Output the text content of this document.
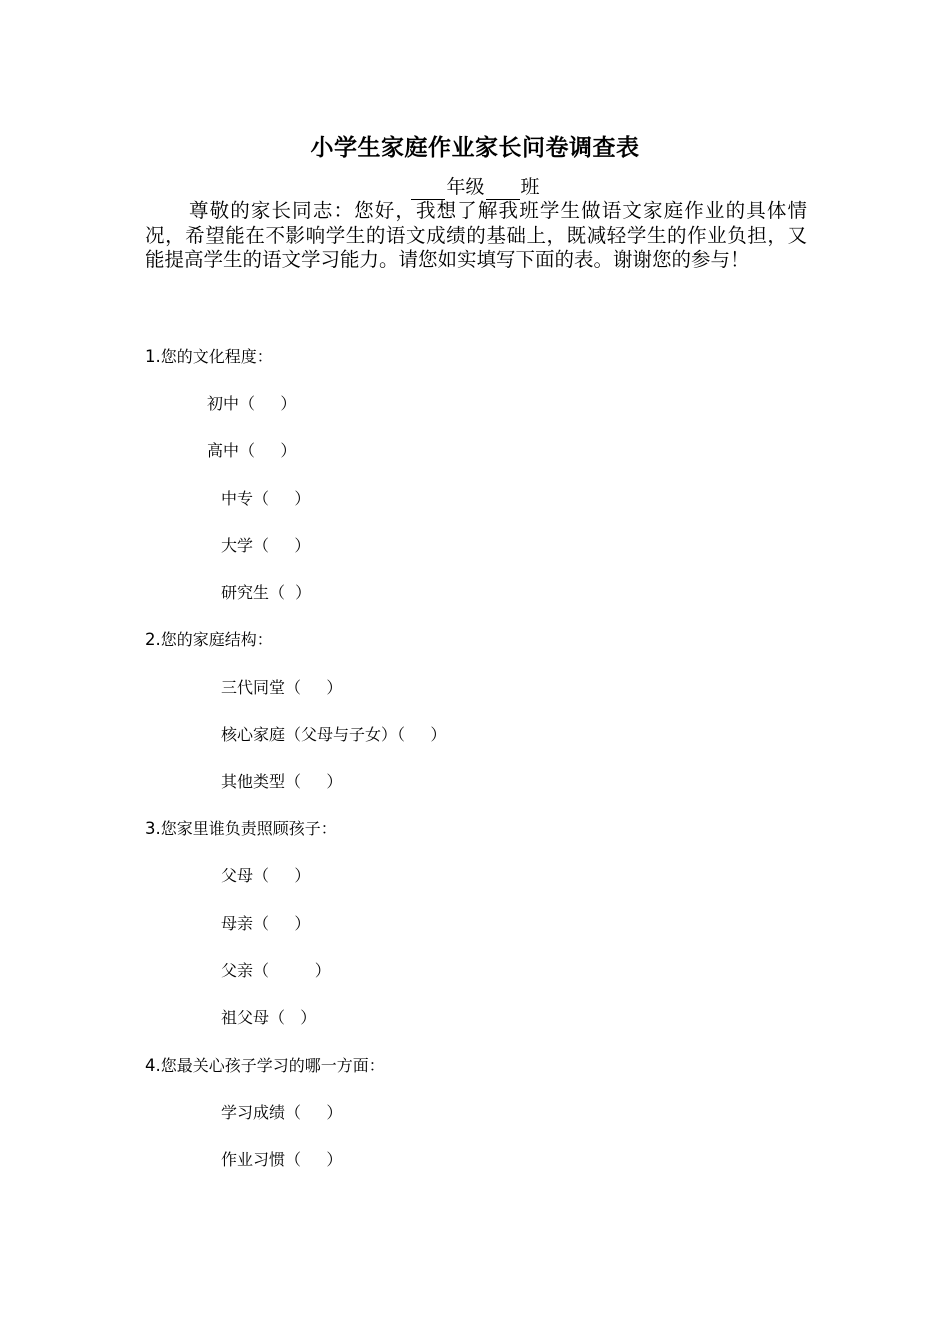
小学生家庭作业家长问卷调查表
年级 班
尊敬的家长同志：您好，我想了解我班学生做语文家庭作业的具体情况，希望能在不影响学生的语文成绩的基础上，既减轻学生的作业负担，又能提高学生的语文学习能力。请您如实填写下面的表。谢谢您的参与！
1.您的文化程度：
初中（     ）
高中（     ）
中专（     ）
大学（     ）
研究生（  ）
2.您的家庭结构：
三代同堂（     ）
核心家庭（父母与子女）（     ）
其他类型（     ）
3.您家里谁负责照顾孩子：
父母（     ）
母亲（     ）
父亲（         ）
祖父母（   ）
4.您最关心孩子学习的哪一方面：
学习成绩（     ）
作业习惯（     ）
